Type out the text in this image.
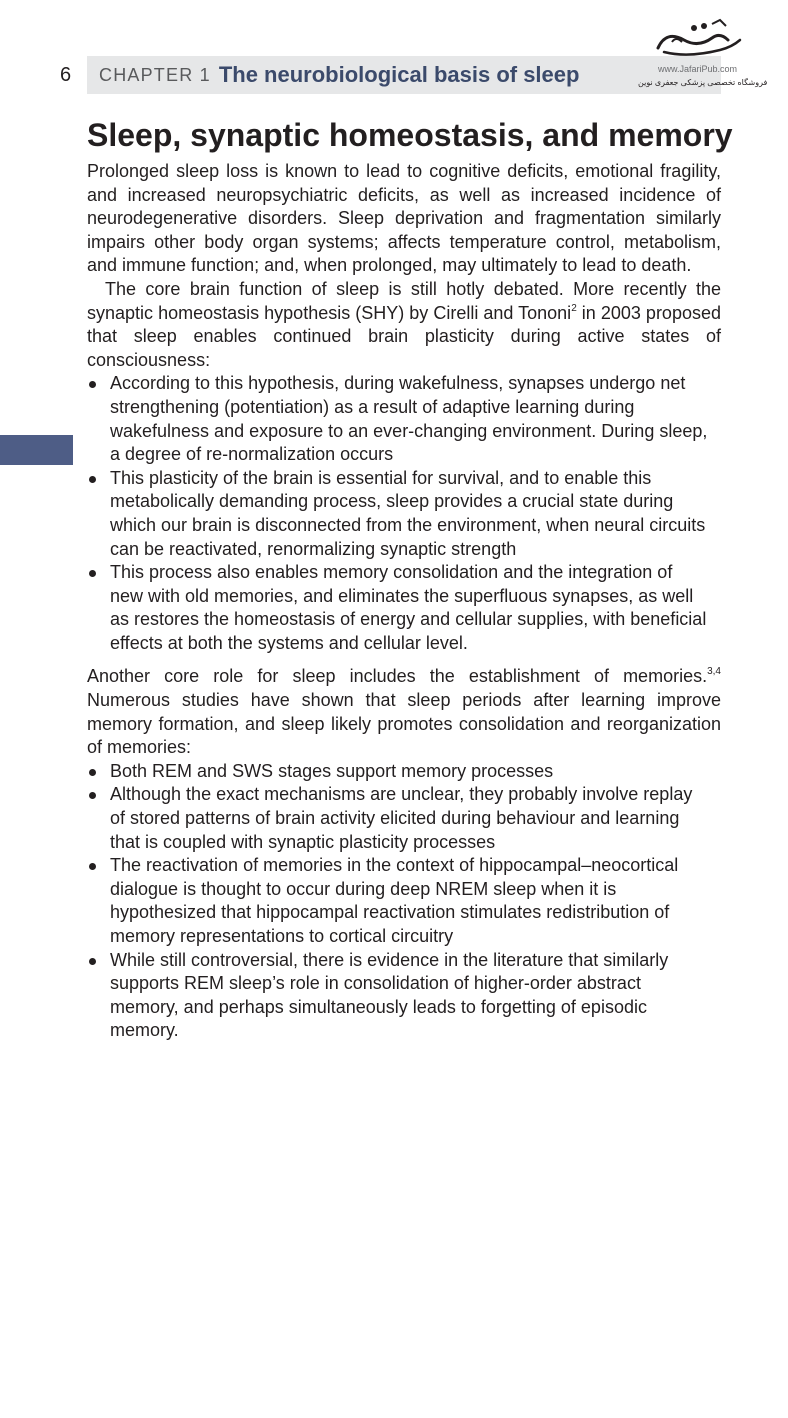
6 CHAPTER 1 The neurobiological basis of sleep	www.JafariPub.com
فروشگاه تخصصی پزشکی جعفری نوین
Sleep, synaptic homeostasis, and memory

Prolonged sleep loss is known to lead to cognitive deficits, emotional fragility, and increased neuropsychiatric deficits, as well as increased incidence of neurodegenerative disorders. Sleep deprivation and fragmentation similarly impairs other body organ systems; affects temperature control, metabolism, and immune function; and, when prolonged, may ultimately to lead to death.

The core brain function of sleep is still hotly debated. More recently the synaptic homeostasis hypothesis (SHY) by Cirelli and Tononi$^2$ in 2003 proposed that sleep enables continued brain plasticity during active states of consciousness:

According to this hypothesis, during wakefulness, synapses undergo net strengthening (potentiation) as a result of adaptive learning during wakefulness and exposure to an ever-changing environment. During sleep, a degree of re-normalization occurs
This plasticity of the brain is essential for survival, and to enable this metabolically demanding process, sleep provides a crucial state during which our brain is disconnected from the environment, when neural circuits can be reactivated, renormalizing synaptic strength
This process also enables memory consolidation and the integration of new with old memories, and eliminates the superfluous synapses, as well as restores the homeostasis of energy and cellular supplies, with beneficial effects at both the systems and cellular level.

Another core role for sleep includes the establishment of memories.$^{3,4}$ Numerous studies have shown that sleep periods after learning improve memory formation, and sleep likely promotes consolidation and reorganization of memories:

Both REM and SWS stages support memory processes
Although the exact mechanisms are unclear, they probably involve replay of stored patterns of brain activity elicited during behaviour and learning that is coupled with synaptic plasticity processes
The reactivation of memories in the context of hippocampal–neocortical dialogue is thought to occur during deep NREM sleep when it is hypothesized that hippocampal reactivation stimulates redistribution of memory representations to cortical circuitry
While still controversial, there is evidence in the literature that similarly supports REM sleep’s role in consolidation of higher-order abstract memory, and perhaps simultaneously leads to forgetting of episodic memory.
